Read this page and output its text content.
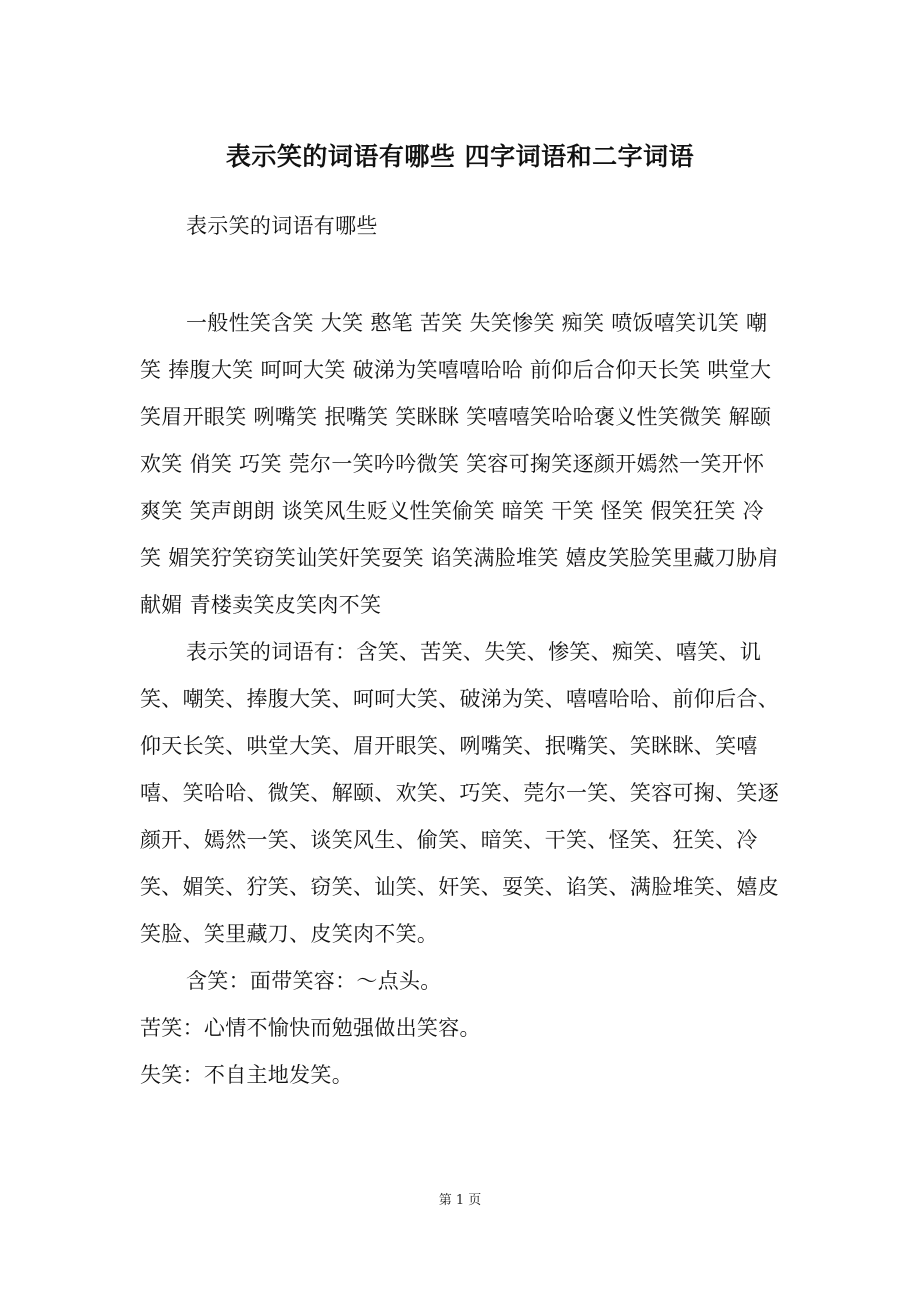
表示笑的词语有哪些 四字词语和二字词语

表示笑的词语有哪些

一般性笑含笑 大笑 憨笔 苦笑 失笑惨笑 痴笑 喷饭嘻笑讥笑 嘲笑 捧腹大笑 呵呵大笑 破涕为笑嘻嘻哈哈 前仰后合仰天长笑 哄堂大笑眉开眼笑 咧嘴笑 抿嘴笑 笑眯眯 笑嘻嘻笑哈哈褒义性笑微笑 解颐欢笑 俏笑 巧笑 莞尔一笑吟吟微笑 笑容可掬笑逐颜开嫣然一笑开怀爽笑 笑声朗朗 谈笑风生贬义性笑偷笑 暗笑 干笑 怪笑 假笑狂笑 冷笑 媚笑狞笑窃笑讪笑奸笑耍笑 谄笑满脸堆笑 嬉皮笑脸笑里藏刀胁肩献媚 青楼卖笑皮笑肉不笑

表示笑的词语有：含笑、苦笑、失笑、惨笑、痴笑、嘻笑、讥笑、嘲笑、捧腹大笑、呵呵大笑、破涕为笑、嘻嘻哈哈、前仰后合、仰天长笑、哄堂大笑、眉开眼笑、咧嘴笑、抿嘴笑、笑眯眯、笑嘻嘻、笑哈哈、微笑、解颐、欢笑、巧笑、莞尔一笑、笑容可掬、笑逐颜开、嫣然一笑、谈笑风生、偷笑、暗笑、干笑、怪笑、狂笑、冷笑、媚笑、狞笑、窃笑、讪笑、奸笑、耍笑、谄笑、满脸堆笑、嬉皮笑脸、笑里藏刀、皮笑肉不笑。

含笑：面带笑容：～点头。

苦笑：心情不愉快而勉强做出笑容。

失笑：不自主地发笑。

第 1 页
